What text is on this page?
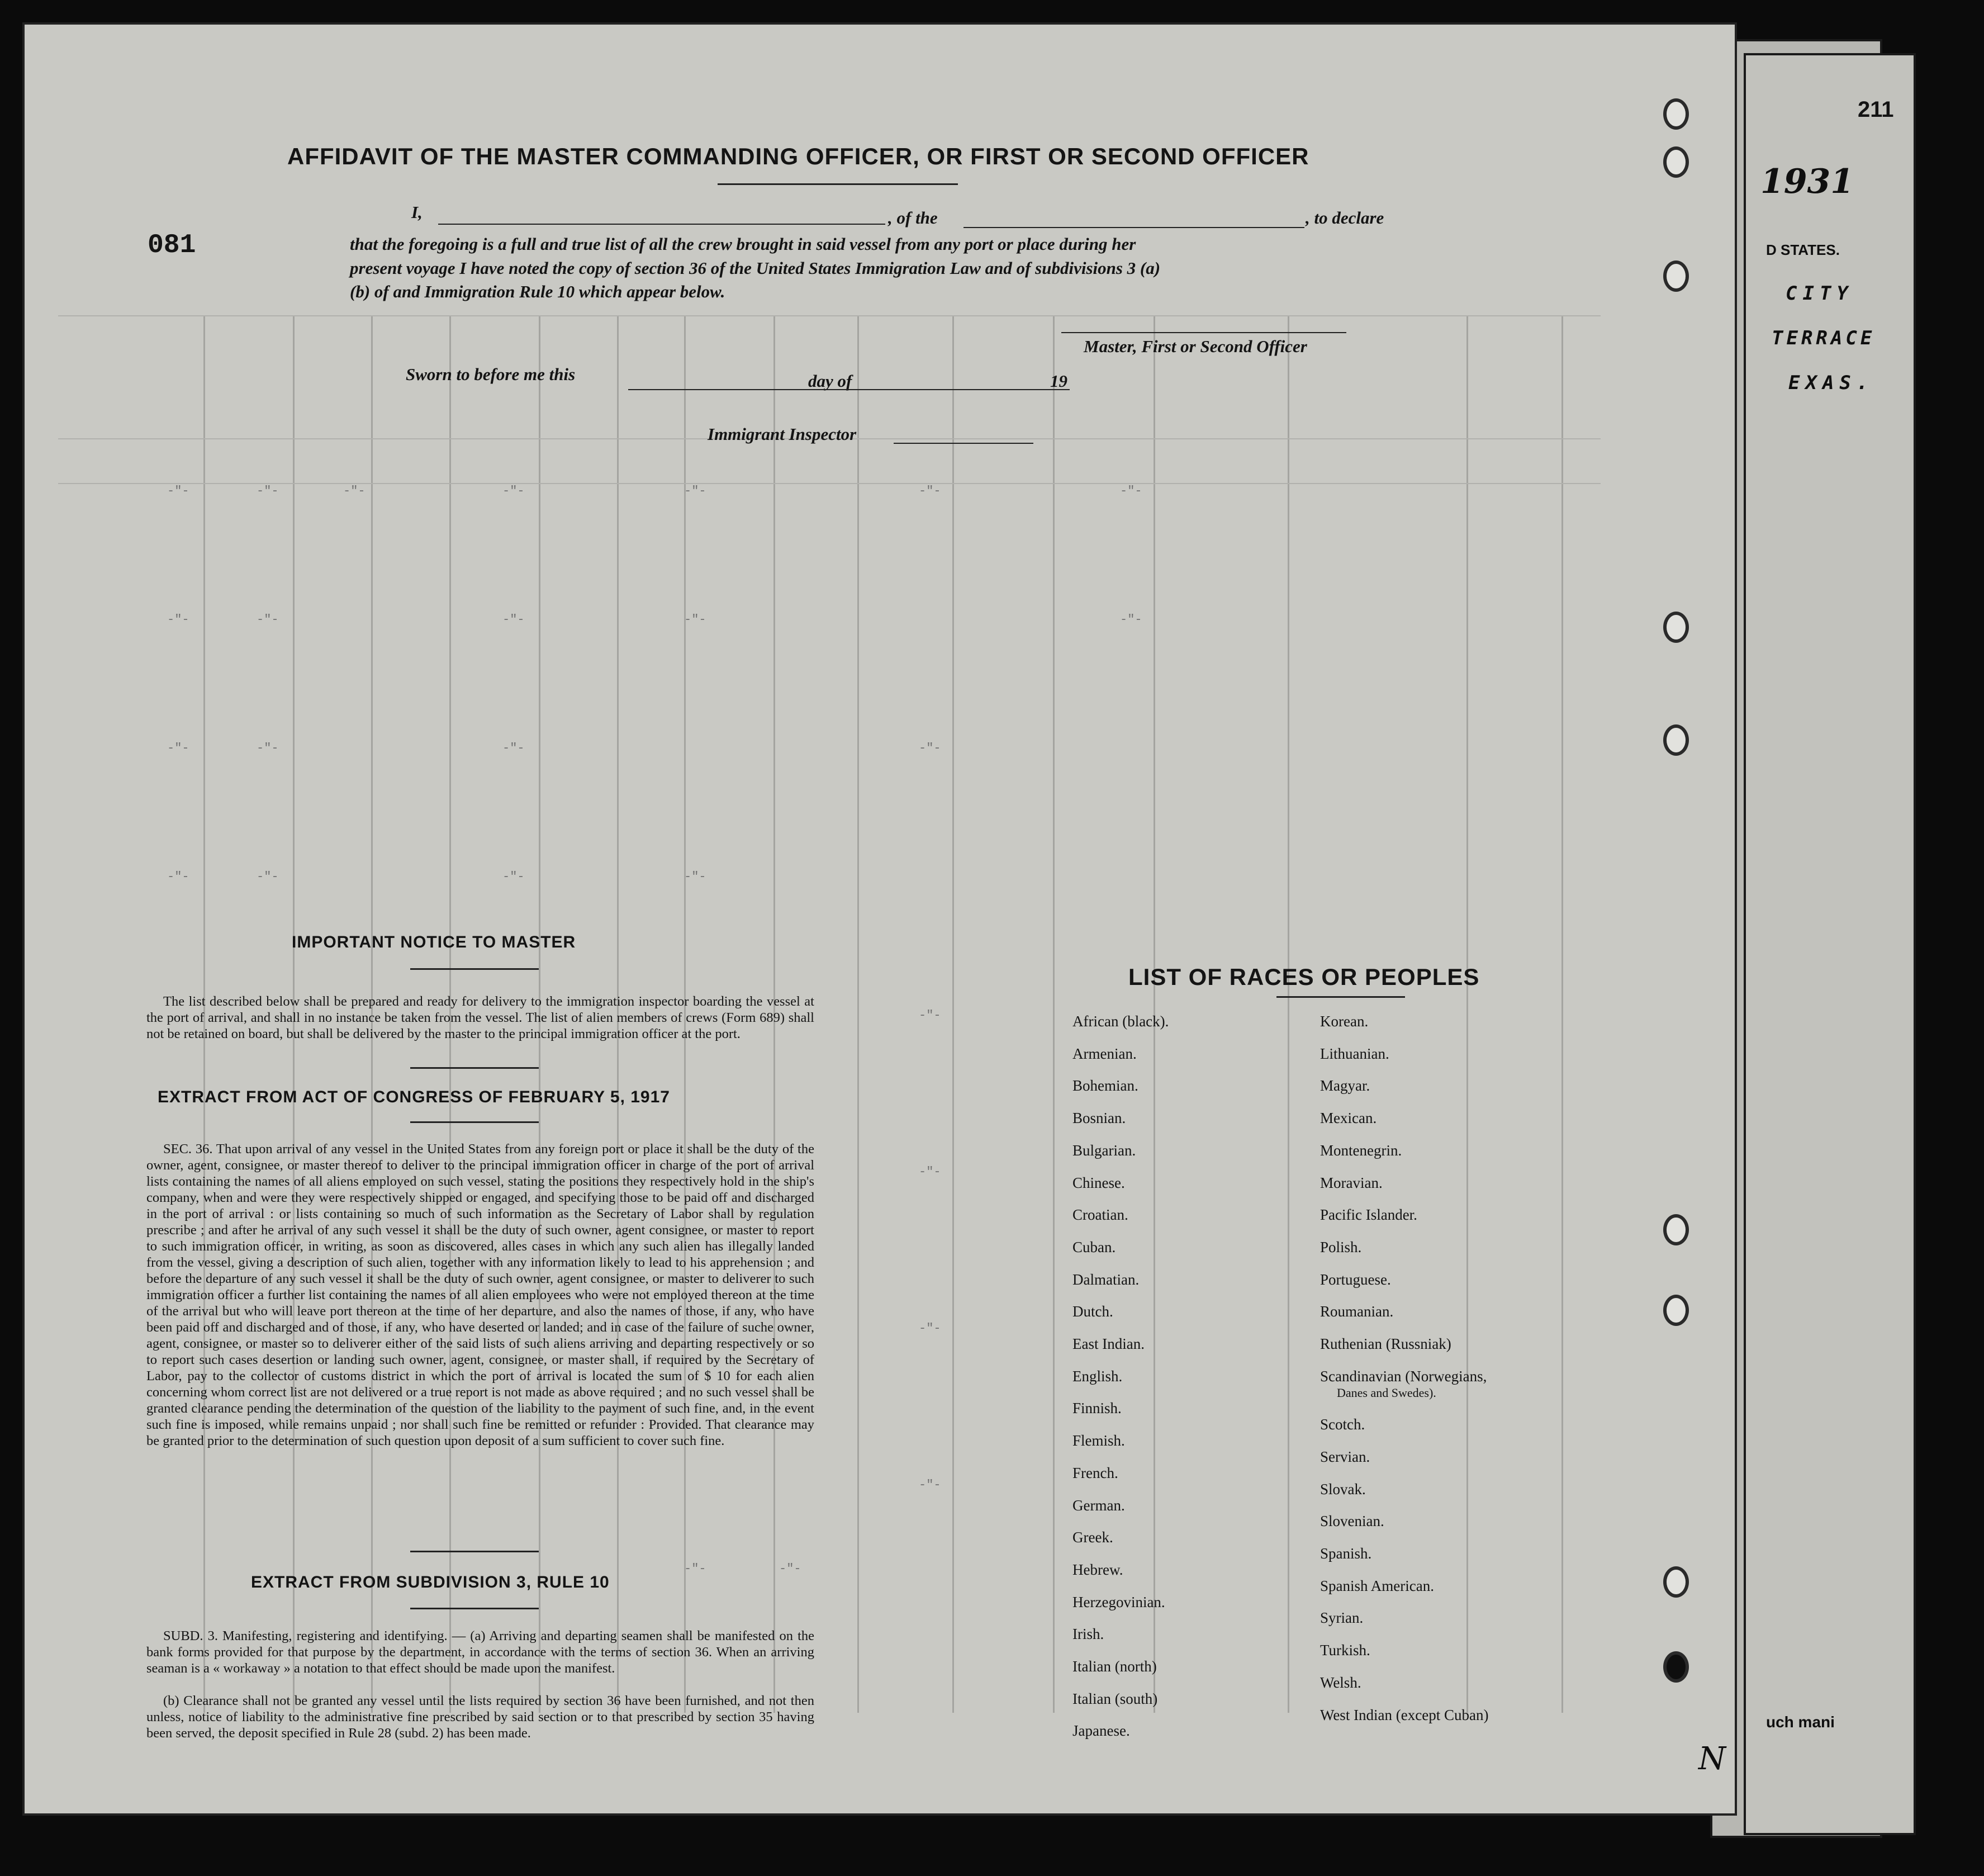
1931
D STATES.
CITY
TERRACE
EXAS.
uch mani
-"-	-"-	-"-	-"-	-"-	-"-	-"-
-"-	-"-	-"-	-"-	-"-
-"-	-"-	-"-	-"-
-"-	-"-	-"-	-"-
-"-
-"-
-"-
-"-
-"-	-"-
211
081
AFFIDAVIT OF THE MASTER COMMANDING OFFICER, OR FIRST OR SECOND OFFICER
I,	, of the	, to declare
that the foregoing is a full and true list of all the crew brought in said vessel from any port or place during her
present voyage I have noted the copy of section 36 of the United States Immigration Law and of subdivisions 3 (a)
(b) of and Immigration Rule 10 which appear below.
Master, First or Second Officer
Sworn to before me this	day of	19
Immigrant Inspector
IMPORTANT NOTICE TO MASTER

The list described below shall be prepared and ready for delivery to the immigration inspector boarding the vessel at the port of arrival, and shall in no instance be taken from the vessel. The list of alien members of crews (Form 689) shall not be retained on board, but shall be delivered by the master to the principal immigration officer at the port.

EXTRACT FROM ACT OF CONGRESS OF FEBRUARY 5, 1917

SEC. 36. That upon arrival of any vessel in the United States from any foreign port or place it shall be the duty of the owner, agent, consignee, or master thereof to deliver to the principal immigration officer in charge of the port of arrival lists containing the names of all aliens employed on such vessel, stating the positions they respectively hold in the ship's company, when and were they were respectively shipped or engaged, and specifying those to be paid off and discharged in the port of arrival : or lists containing so much of such information as the Secretary of Labor shall by regulation prescribe ; and after he arrival of any such vessel it shall be the duty of such owner, agent consignee, or master to report to such immigration officer, in writing, as soon as discovered, alles cases in which any such alien has illegally landed from the vessel, giving a description of such alien, together with any information likely to lead to his apprehension ; and before the departure of any such vessel it shall be the duty of such owner, agent consignee, or master to deliverer to such immigration officer a further list containing the names of all alien employees who were not employed thereon at the time of the arrival but who will leave port thereon at the time of her departure, and also the names of those, if any, who have been paid off and discharged and of those, if any, who have deserted or landed; and in case of the failure of suche owner, agent, consignee, or master so to deliverer either of the said lists of such aliens arriving and departing respectively or so to report such cases desertion or landing such owner, agent, consignee, or master shall, if required by the Secretary of Labor, pay to the collector of customs district in which the port of arrival is located the sum of $ 10 for each alien concerning whom correct list are not delivered or a true report is not made as above required ; and no such vessel shall be granted clearance pending the determination of the question of the liability to the payment of such fine, and, in the event such fine is imposed, while remains unpaid ; nor shall such fine be remitted or refunder : Provided. That clearance may be granted prior to the determination of such question upon deposit of a sum sufficient to cover such fine.

EXTRACT FROM SUBDIVISION 3, RULE 10

SUBD. 3. Manifesting, registering and identifying. — (a) Arriving and departing seamen shall be manifested on the bank forms provided for that purpose by the department, in accordance with the terms of section 36. When an arriving seaman is a « workaway » a notation to that effect should be made upon the manifest.

(b) Clearance shall not be granted any vessel until the lists required by section 36 have been furnished, and not then unless, notice of liability to the administrative fine prescribed by said section or to that prescribed by section 35 having been served, the deposit specified in Rule 28 (subd. 2) has been made.

LIST OF RACES OR PEOPLES
N
African (black).
Armenian.
Bohemian.
Bosnian.
Bulgarian.
Chinese.
Croatian.
Cuban.
Dalmatian.
Dutch.
East Indian.
English.
Finnish.
Flemish.
French.
German.
Greek.
Hebrew.
Herzegovinian.
Irish.
Italian (north)
Italian (south)
Japanese.
Korean.
Lithuanian.
Magyar.
Mexican.
Montenegrin.
Moravian.
Pacific Islander.
Polish.
Portuguese.
Roumanian.
Ruthenian (Russniak)
Scandinavian (Norwegians,
Scotch.
Servian.
Slovak.
Slovenian.
Spanish.
Spanish American.
Syrian.
Turkish.
Welsh.
West Indian (except Cuban)
Danes and Swedes).
